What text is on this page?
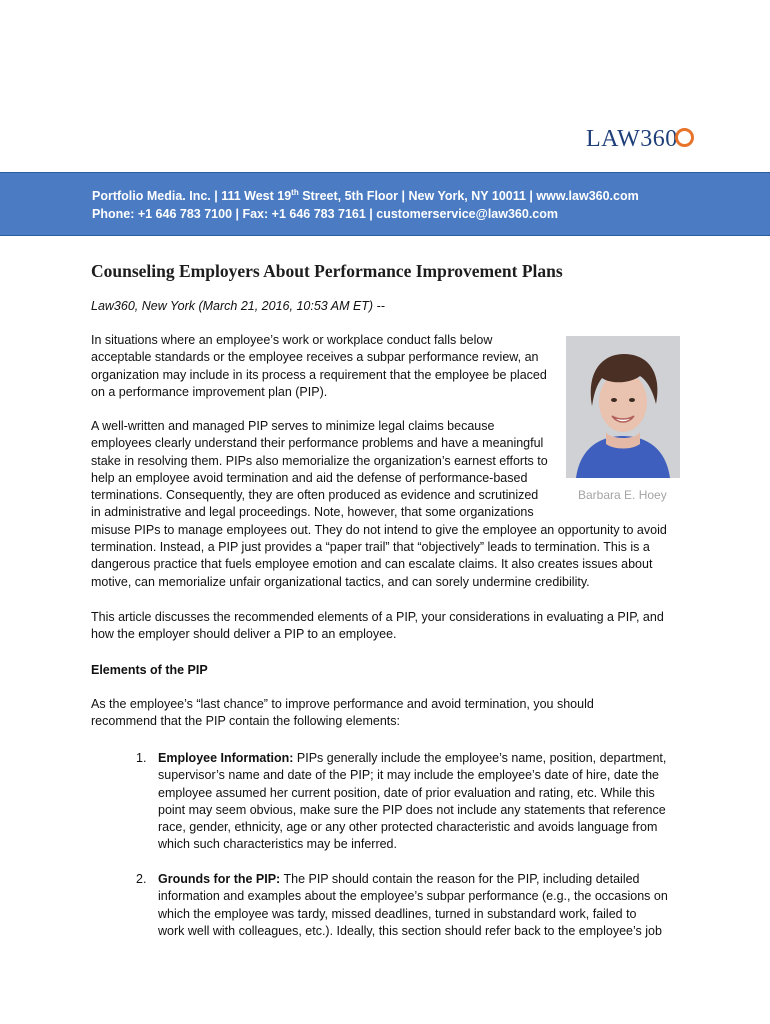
LAW360
Portfolio Media. Inc. | 111 West 19th Street, 5th Floor | New York, NY 10011 | www.law360.com
Phone: +1 646 783 7100 | Fax: +1 646 783 7161 | customerservice@law360.com
Counseling Employers About Performance Improvement Plans
Law360, New York (March 21, 2016, 10:53 AM ET) --
In situations where an employee’s work or workplace conduct falls below
acceptable standards or the employee receives a subpar performance review, an
organization may include in its process a requirement that the employee be placed
on a performance improvement plan (PIP).
Barbara E. Hoey
A well-written and managed PIP serves to minimize legal claims because
employees clearly understand their performance problems and have a meaningful
stake in resolving them. PIPs also memorialize the organization’s earnest efforts to
help an employee avoid termination and aid the defense of performance-based
terminations. Consequently, they are often produced as evidence and scrutinized
in administrative and legal proceedings. Note, however, that some organizations
misuse PIPs to manage employees out. They do not intend to give the employee an opportunity to avoid
termination. Instead, a PIP just provides a “paper trail” that “objectively” leads to termination. This is a
dangerous practice that fuels employee emotion and can escalate claims. It also creates issues about
motive, can memorialize unfair organizational tactics, and can sorely undermine credibility.
This article discusses the recommended elements of a PIP, your considerations in evaluating a PIP, and
how the employer should deliver a PIP to an employee.
Elements of the PIP
As the employee’s “last chance” to improve performance and avoid termination, you should
recommend that the PIP contain the following elements:
1. Employee Information: PIPs generally include the employee’s name, position, department,
supervisor’s name and date of the PIP; it may include the employee’s date of hire, date the
employee assumed her current position, date of prior evaluation and rating, etc. While this
point may seem obvious, make sure the PIP does not include any statements that reference
race, gender, ethnicity, age or any other protected characteristic and avoids language from
which such characteristics may be inferred.
2. Grounds for the PIP: The PIP should contain the reason for the PIP, including detailed
information and examples about the employee’s subpar performance (e.g., the occasions on
which the employee was tardy, missed deadlines, turned in substandard work, failed to
work well with colleagues, etc.). Ideally, this section should refer back to the employee’s job
